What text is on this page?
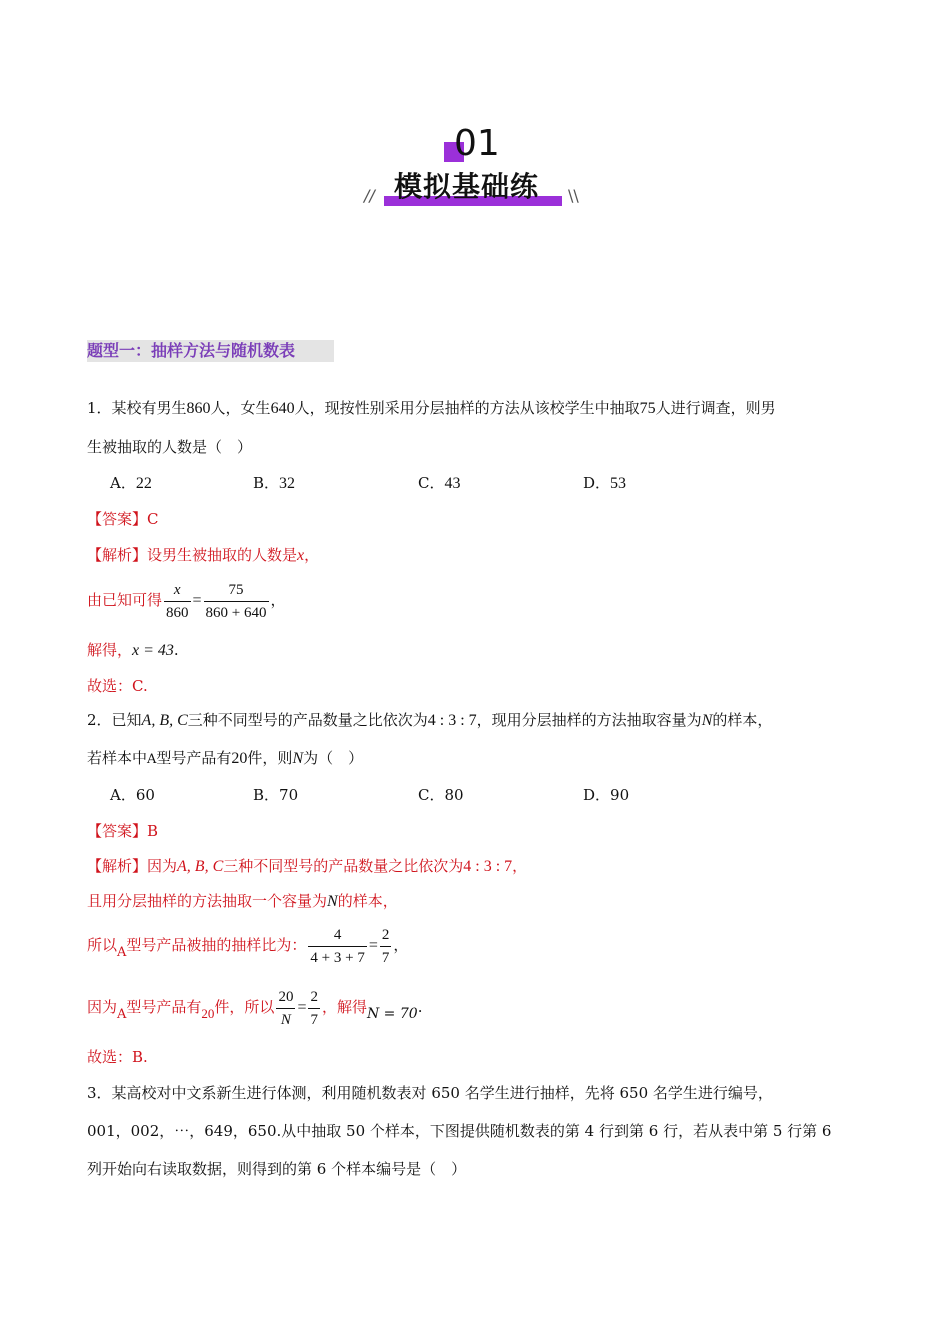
01
//	\\
模拟基础练
题型一：抽样方法与随机数表
1．某校有男生860人，女生640人，现按性别采用分层抽样的方法从该校学生中抽取75人进行调查，则男
生被抽取的人数是（　）
A．22	B．32	C．43	D．53
【答案】C
【解析】设男生被抽取的人数是x，
由已知可得 $\frac{x}{860} = \frac{75}{860 + 640}$ ，
解得，x = 43.
故选：C.
2．已知A, B, C三种不同型号的产品数量之比依次为4 : 3 : 7，现用分层抽样的方法抽取容量为N的样本，
若样本中A型号产品有20件，则N为（　）
A．60	B．70	C．80	D．90
【答案】B
【解析】因为A, B, C三种不同型号的产品数量之比依次为4 : 3 : 7，
且用分层抽样的方法抽取一个容量为N的样本，
所以A型号产品被抽的抽样比为： $\frac{4}{4 + 3 + 7} = \frac{2}{7}$ ，
因为A型号产品有20件，所以 $\frac{20}{N} = \frac{2}{7}$ ，解得N = 70.
故选：B.
3．某高校对中文系新生进行体测，利用随机数表对 650 名学生进行抽样，先将 650 名学生进行编号，
001，002，⋯，649，650.从中抽取 50 个样本，下图提供随机数表的第 4 行到第 6 行，若从表中第 5 行第 6
列开始向右读取数据，则得到的第 6 个样本编号是（　）
